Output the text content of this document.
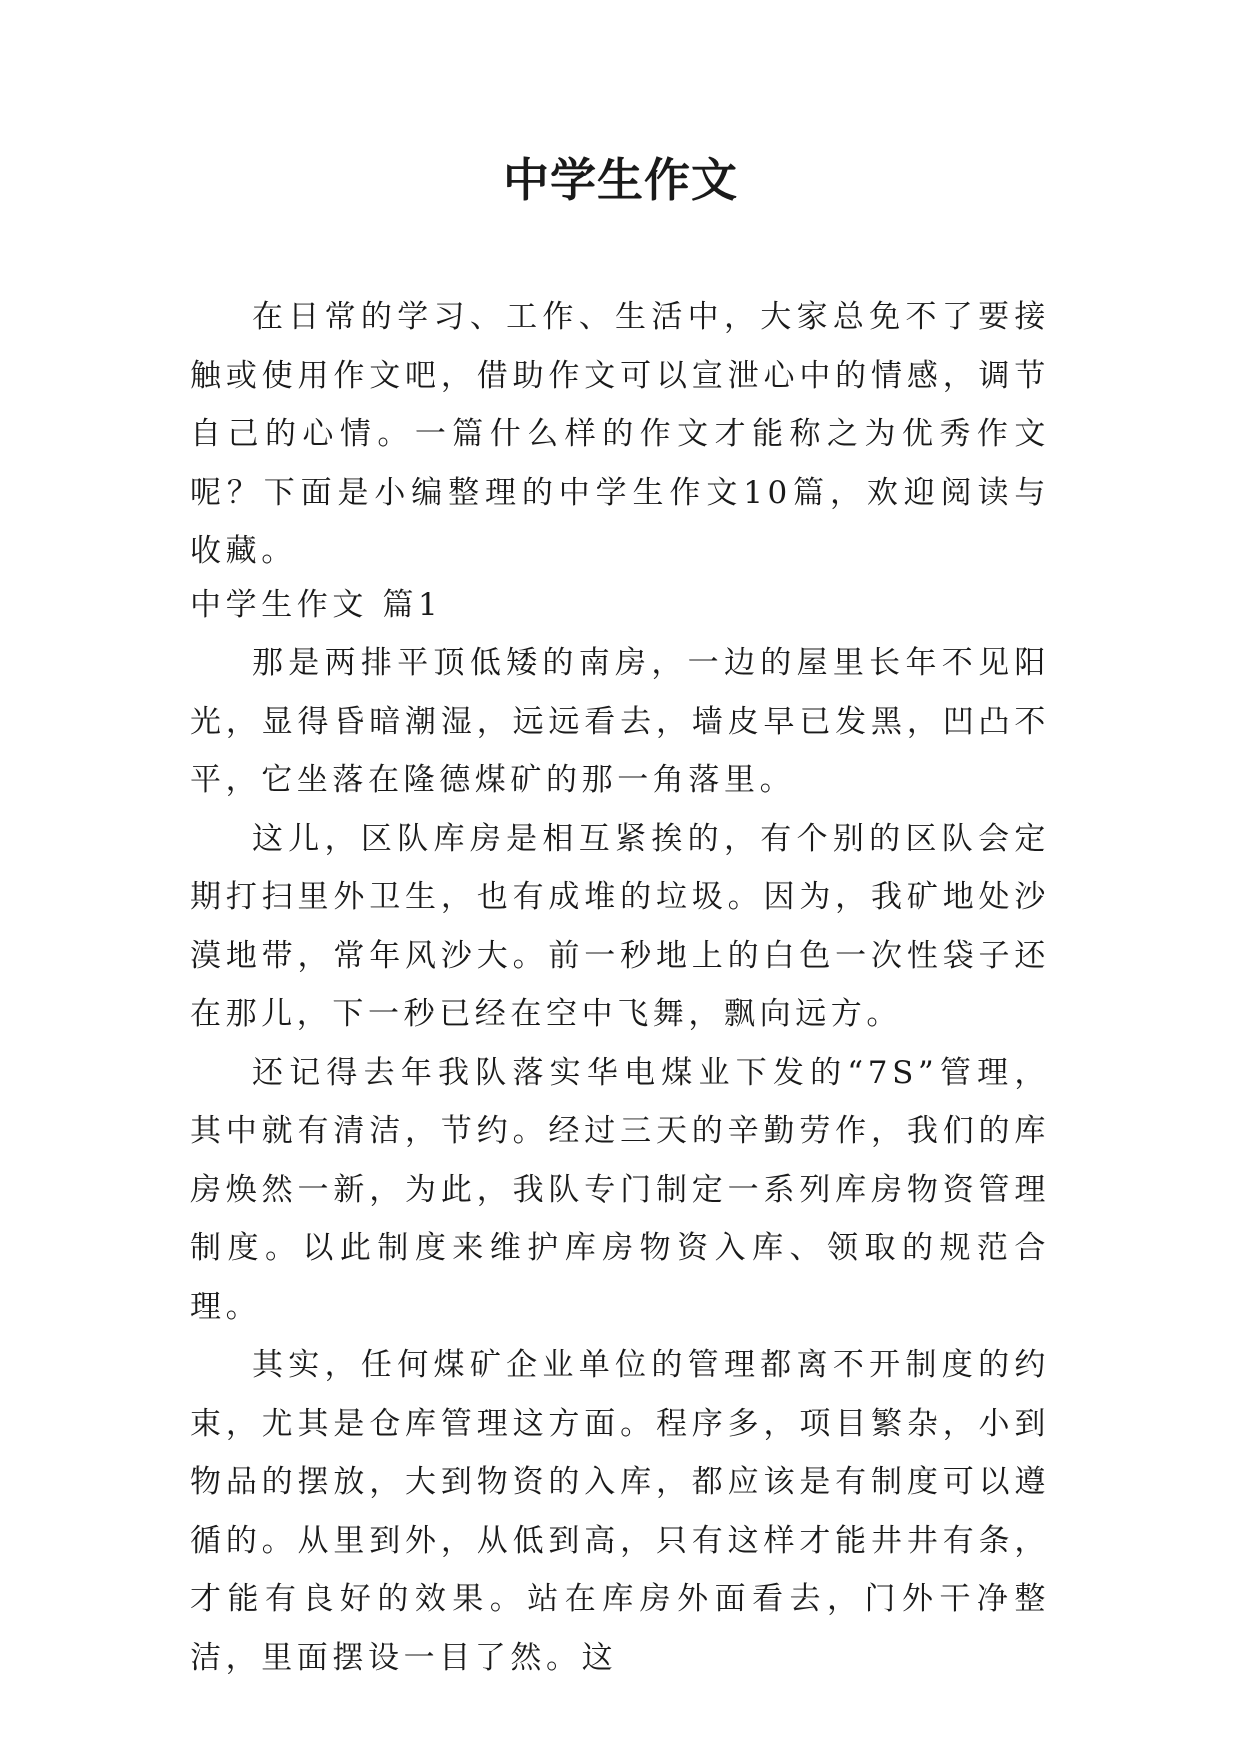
中学生作文

在日常的学习、工作、生活中，大家总免不了要接触或使用作文吧，借助作文可以宣泄心中的情感，调节自己的心情。一篇什么样的作文才能称之为优秀作文呢？下面是小编整理的中学生作文10篇，欢迎阅读与收藏。

中学生作文 篇1

那是两排平顶低矮的南房，一边的屋里长年不见阳光，显得昏暗潮湿，远远看去，墙皮早已发黑，凹凸不平，它坐落在隆德煤矿的那一角落里。

这儿，区队库房是相互紧挨的，有个别的区队会定期打扫里外卫生，也有成堆的垃圾。因为，我矿地处沙漠地带，常年风沙大。前一秒地上的白色一次性袋子还在那儿，下一秒已经在空中飞舞，飘向远方。

还记得去年我队落实华电煤业下发的“7S”管理，其中就有清洁，节约。经过三天的辛勤劳作，我们的库房焕然一新，为此，我队专门制定一系列库房物资管理制度。以此制度来维护库房物资入库、领取的规范合理。

其实，任何煤矿企业单位的管理都离不开制度的约束，尤其是仓库管理这方面。程序多，项目繁杂，小到物品的摆放，大到物资的入库，都应该是有制度可以遵循的。从里到外，从低到高，只有这样才能井井有条，才能有良好的效果。站在库房外面看去，门外干净整洁，里面摆设一目了然。这
